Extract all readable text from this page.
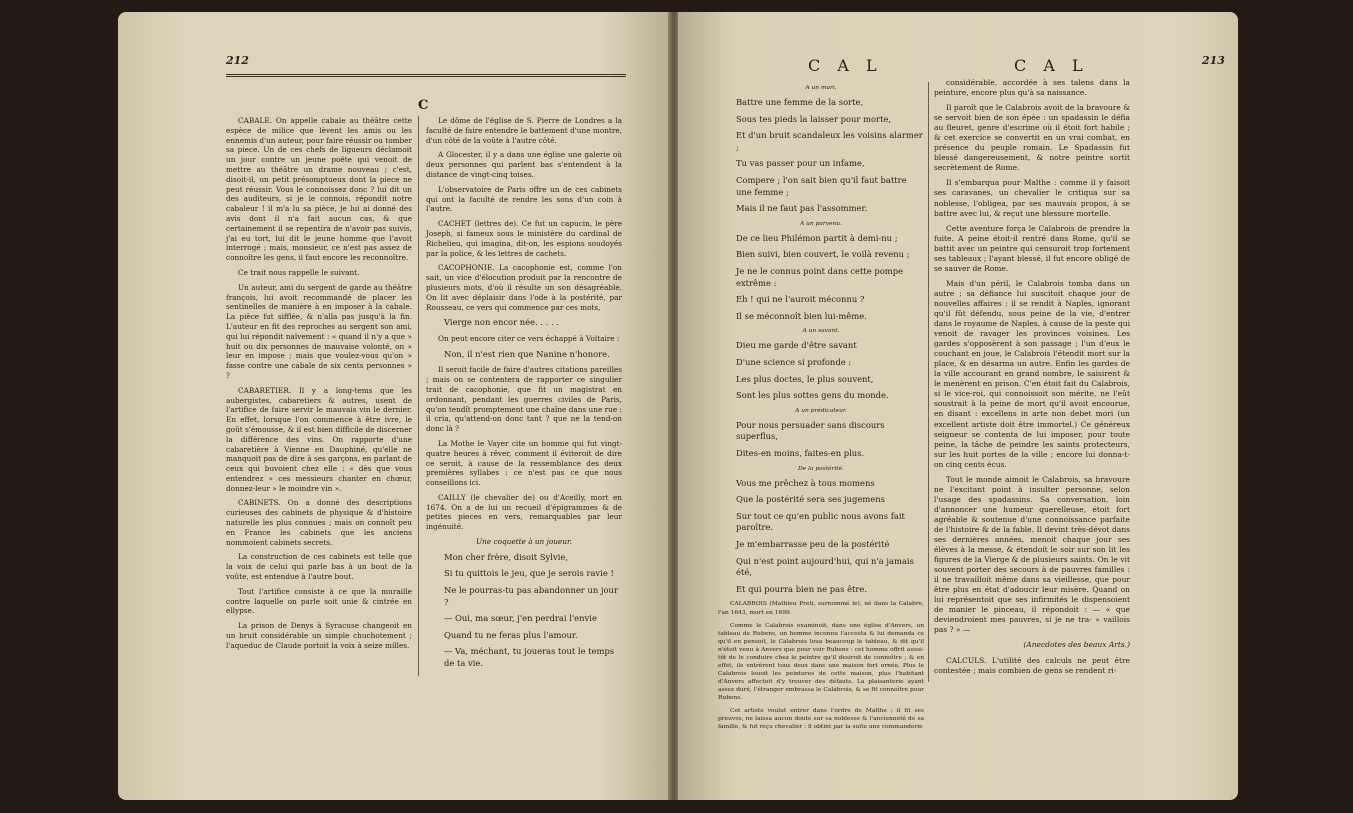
212
C

CABALE. On appelle cabale au théâtre cette espèce de milice que lèvent les amis ou les ennemis d'un auteur, pour faire réussir ou tomber sa piece. Un de ces chefs de ligueurs déclamoit un jour contre un jeune poëte qui venoit de mettre au théâtre un drame nouveau ; c'est, disoit-il, un petit présomptueux dont la piece ne peut réussir. Vous le connoissez donc ? lui dit un des auditeurs, si je le connois, répondit notre cabaleur ! il m'a lu sa pièce, je lui ai donné des avis dont il n'a fait aucun cas, & que certainement il se repentira de n'avoir pas suivis, j'ai eu tort, lui dit le jeune homme que l'avoit interrogé ; mais, monsieur, ce n'est pas assez de connoître les gens, il faut encore les reconnoître.

Ce trait nous rappelle le suivant.

Un auteur, ami du sergent de garde au théâtre françois, lui avoit recommandé de placer les sentinelles de manière à en imposer à la cabale. La pièce fut sifflée, & n'alla pas jusqu'à la fin. L'auteur en fit des reproches au sergent son ami, qui lui répondit naïvement : « quand il n'y a que » huit ou dix personnes de mauvaise volonté, on » leur en impose ; mais que voulez-vous qu'on » fasse contre une cabale de six cents personnes » ?

CABARETIER. Il y a long-tems que les aubergistes, cabaretiers & autres, usent de l'artifice de faire servir le mauvais vin le dernier. En effet, lorsque l'on commence à être ivre, le goût s'émousse, & il est bien difficile de discerner la différence des vins. On rapporte d'une cabaretière à Vienne en Dauphiné, qu'elle ne manquoit pas de dire à ses garçons, en parlant de ceux qui buvoient chez elle : « dès que vous entendrez » ces messieurs chanter en chœur, donnez-leur » le moindre vin ».

CABINETS. On a donné des descriptions curieuses des cabinets de physique & d'histoire naturelle les plus connues ; mais on connoît peu en France les cabinets que les anciens nommoient cabinets secrets.

La construction de ces cabinets est telle que la voix de celui qui parle bas à un bout de la voûte, est entendue à l'autre bout.

Tout l'artifice consiste à ce que la muraille contre laquelle on parle soit unie & cintrée en ellypse.

La prison de Denys à Syracuse changeoit en un bruit considérable un simple chuchotement ; l'aqueduc de Claude portoit la voix à seize milles.

Le dôme de l'église de S. Pierre de Londres a la faculté de faire entendre le battement d'une montre, d'un côté de la voûte à l'autre côté.

A Glocester, il y a dans une église une galerie où deux personnes qui parlent bas s'entendent à la distance de vingt-cinq toises.

L'observatoire de Paris offre un de ces cabinets qui ont la faculté de rendre les sons d'un coin à l'autre.

CACHET (lettres de). Ce fut un capucin, le père Joseph, si fameux sous le ministère du cardinal de Richelieu, qui imagina, dit-on, les espions soudoyés par la police, & les lettres de cachets.

CACOPHONIE. La cacophonie est, comme l'on sait, un vice d'élocution produit par la rencontre de plusieurs mots, d'où il résulte un son désagréable. On lit avec déplaisir dans l'ode à la postérité, par Rousseau, ce vers qui commence par ces mots,

Vierge non encor née. . . . .

On peut encore citer ce vers échappé à Voltaire :

Non, il n'est rien que Nanine n'honore.

Il seroit facile de faire d'autres citations pareilles ; mais on se contentera de rapporter ce singulier trait de cacophonie, que fit un magistrat en ordonnant, pendant les guerres civiles de Paris, qu'on tendît promptement une chaîne dans une rue : il cria, qu'attend-on donc tant ? que ne la tend-on donc là ?

La Mothe le Vayer cite un homme qui fut vingt-quatre heures à rêver, comment il éviteroit de dire ce seroit, à cause de la ressemblance des deux premières syllabes : ce n'est pas ce que nous conseillons ici.

CAILLY (le chevalier de) ou d'Aceilly, mort en 1674. On a de lui un recueil d'épigrammes & de petites pieces en vers, remarquables par leur ingénuité.

Une coquette à un joueur.

Mon cher frère, disoit Sylvie,

Si tu quittois le jeu, que je serois ravie !

Ne le pourras-tu pas abandonner un jour ?

— Oui, ma sœur, j'en perdrai l'envie

Quand tu ne feras plus l'amour.

— Va, méchant, tu joueras tout le temps de ta vie.

C A L	C A L	213

A un mari.

Battre une femme de la sorte,

Sous tes pieds la laisser pour morte,

Et d'un bruit scandaleux les voisins alarmer ;

Tu vas passer pour un infame,

Compere ; l'on sait bien qu'il faut battre une femme ;

Mais il ne faut pas l'assommer.

A un parvenu.

De ce lieu Philémon partit à demi-nu ;

Bien suivi, bien couvert, le voilà revenu ;

Je ne le connus point dans cette pompe extrême :

Eh ! qui ne l'auroit méconnu ?

Il se méconnoît bien lui-même.

A un savant.

Dieu me garde d'être savant

D'une science si profonde :

Les plus doctes, le plus souvent,

Sont les plus sottes gens du monde.

A un prédicateur.

Pour nous persuader sans discours superflus,

Dites-en moins, faites-en plus.

De la postérité.

Vous me prêchez à tous momens

Que la postérité sera ses jugemens

Sur tout ce qu'en public nous avons fait paroître.

Je m'embarrasse peu de la postérité

Qui n'est point aujourd'hui, qui n'a jamais été,

Et qui pourra bien ne pas être.

CALABROIS (Mathieu Preti, surnommé le), né dans la Calabre, l'an 1643, mort en 1699.

Comme le Calabrois examinoit, dans une église d'Anvers, un tableau de Rubens, un homme inconnu l'accosta & lui demanda ce qu'il en pensoit, le Calabrois loua beaucoup le tableau, & dit qu'il n'étoit venu à Anvers que pour voir Rubens : cet homme offrit aussi-tôt de le conduire chez le peintre qu'il desiroit de connoître ; & en effet, ils entrèrent tous deux dans une maison fort ornée. Plus le Calabrois louoit les peintures de cette maison, plus l'habitant d'Anvers affectoit d'y trouver des défauts. La plaisanterie ayant assez duré, l'étranger embrassa le Calabrois, & se fit connoître pour Rubens.

Cet artiste voulut entrer dans l'ordre de Malthe ; il fit ses preuves, ne laissa aucun doute sur sa noblesse & l'ancienneté de sa famille, & fut reçu chevalier : il obtint par la suite une commanderie

considérable, accordée à ses talens dans la peinture, encore plus qu'à sa naissance.

Il paroît que le Calabrois avoit de la bravoure & se servoit bien de son épée : un spadassin le défia au fleuret, genre d'escrime où il étoit fort habile ; & cet exercice se convertit en un vrai combat, en présence du peuple romain. Le Spadassin fut blessé dangereusement, & notre peintre sortit secrètement de Rome.

Il s'embarqua pour Malthe : comme il y faisoit ses caravanes, un chevalier le critiqua sur sa noblesse, l'obligea, par ses mauvais propos, à se battre avec lui, & reçut une blessure mortelle.

Cette aventure força le Calabrois de prendre la fuite. A peine étoit-il rentré dans Rome, qu'il se battit avec un peintre qui censuroit trop fortement ses tableaux ; l'ayant blessé, il fut encore obligé de se sauver de Rome.

Mais d'un péril, le Calabrois tomba dans un autre ; sa défiance lui suscitoit chaque jour de nouvelles affaires : il se rendit à Naples, ignorant qu'il fût défendu, sous peine de la vie, d'entrer dans le royaume de Naples, à cause de la peste qui venoit de ravager les provinces voisines. Les gardes s'opposèrent à son passage ; l'un d'eux le couchant en joue, le Calabrois l'étendit mort sur la place, & en désarma un autre. Enfin les gardes de la ville accourant en grand nombre, le saisirent & le menèrent en prison. C'en étoit fait du Calabrois, si le vice-roi, qui connoissoit son mérite, ne l'eût soustrait à la peine de mort qu'il avoit encourue, en disant : excellens in arte non debet mori (un excellent artiste doit être immortel.) Ce généreux seigneur se contenta de lui imposer, pour toute peine, la tâche de peindre les saints protecteurs, sur les huit portes de la ville ; encore lui donna-t-on cinq cents écus.

Tout le monde aimoit le Calabrois, sa bravoure ne l'excitant point à insulter personne, selon l'usage des spadassins. Sa conversation, loin d'annoncer une humeur querelleuse, étoit fort agréable & soutenue d'une connoissance parfaite de l'histoire & de la fable. Il devint très-dévot dans ses dernières années, menoit chaque jour ses élèves à la messe, & étendoit le soir sur son lit les figures de la Vierge & de plusieurs saints. On le vit souvent porter des secours à de pauvres familles : il ne travailloit même dans sa vieillesse, que pour être plus en état d'adoucir leur misère. Quand on lui représentoit que ses infirmités le dispensoient de manier le pinceau, il répondoit : — « que deviendroient mes pauvres, si je ne tra- » vaillois pas ? » —

(Anecdotes des beaux Arts.)

CALCULS. L'utilité des calculs ne peut être contestée ; mais combien de gens se rendent ri-
